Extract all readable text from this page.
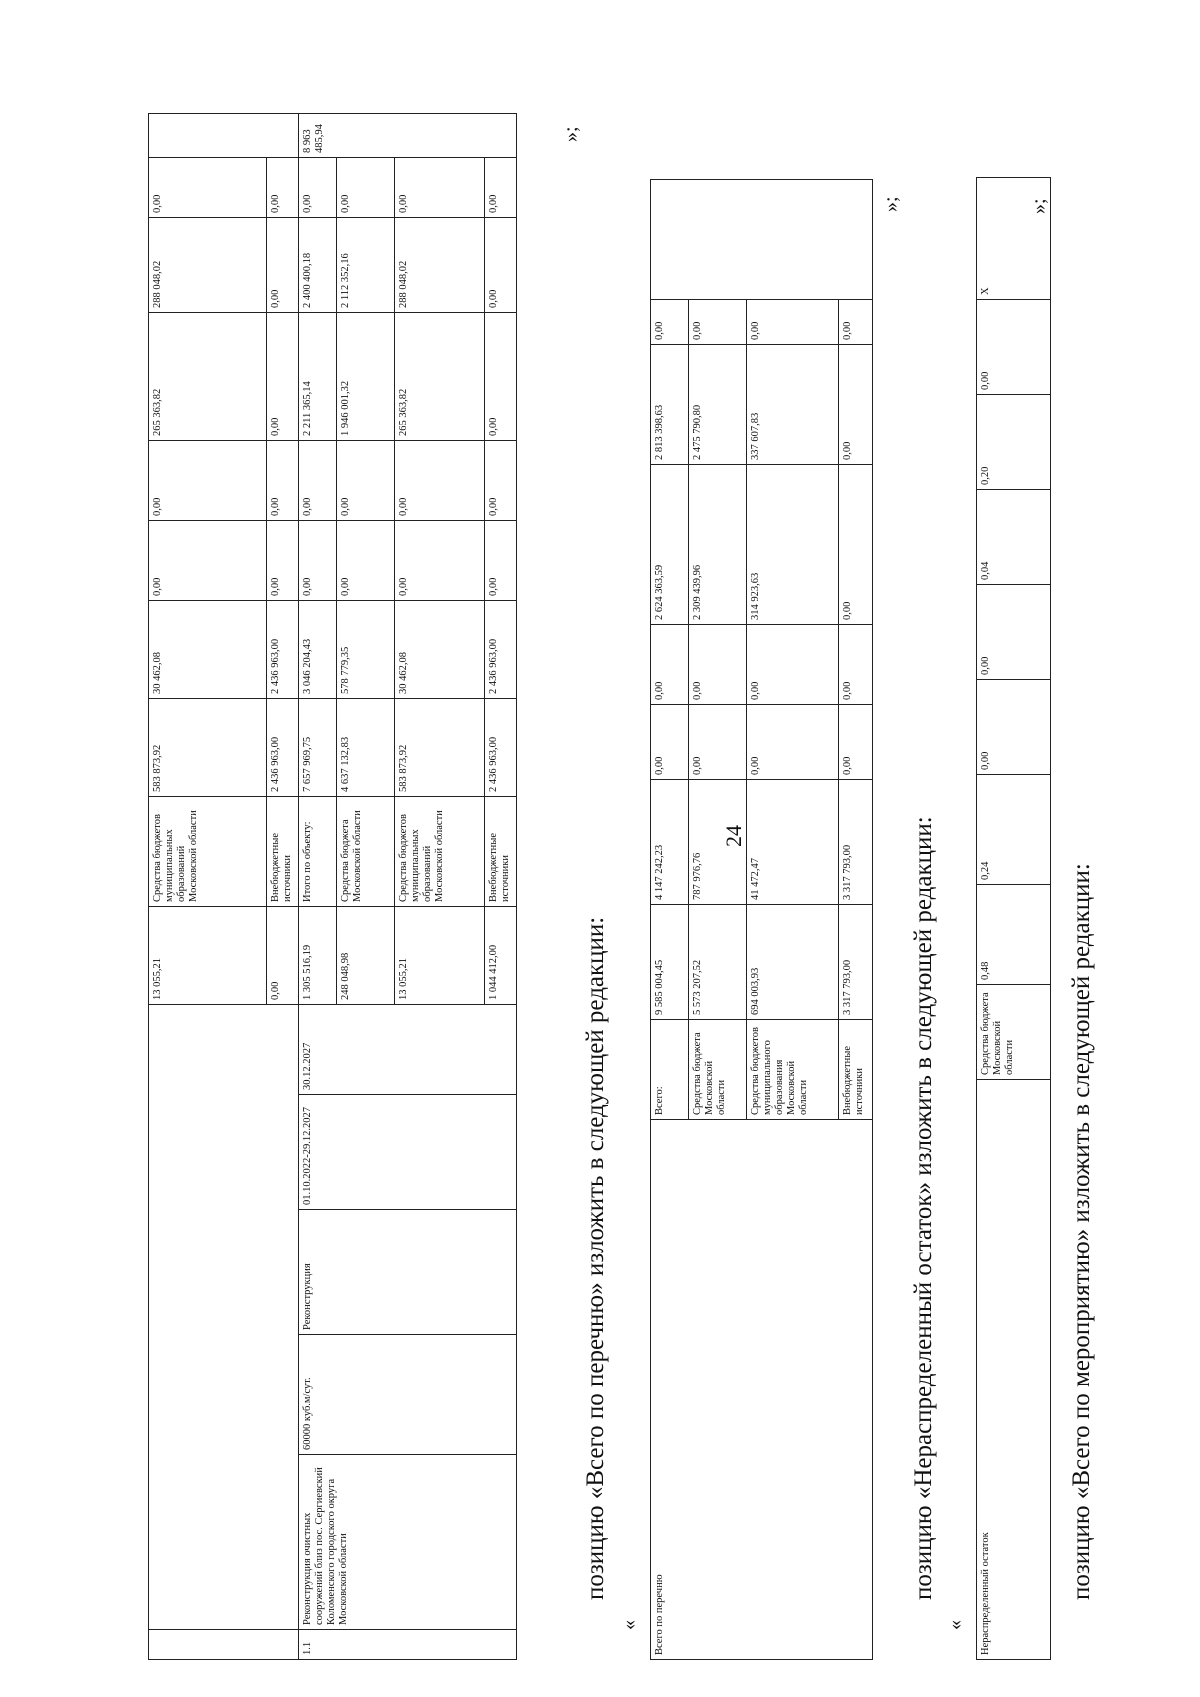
24
						13 055,21	Средства бюджетов муниципальных образований Московской области	583 873,92	30 462,08	0,00	0,00	265 363,82	288 048,02	0,00	
						0,00	Внебюджетные источники	2 436 963,00	2 436 963,00	0,00	0,00	0,00	0,00	0,00	
1.1	Реконструкция очистных сооружений близ пос. Сергиевский Коломенского городского округа Московской области	60000 куб.м/сут.	Реконструкция	01.10.2022-29.12.2027	30.12.2027	1 305 516,19	Итого по объекту:	7 657 969,75	3 046 204,43	0,00	0,00	2 211 365,14	2 400 400,18	0,00	8 963 485,94
						248 048,98	Средства бюджета Московской области	4 637 132,83	578 779,35	0,00	0,00	1 946 001,32	2 112 352,16	0,00	
						13 055,21	Средства бюджетов муниципальных образований Московской области	583 873,92	30 462,08	0,00	0,00	265 363,82	288 048,02	0,00	
						1 044 412,00	Внебюджетные источники	2 436 963,00	2 436 963,00	0,00	0,00	0,00	0,00	0,00	
»;
позицию «Всего по перечню» изложить в следующей редакции:
« Всего по перечню	Всего:	9 585 004,45	4 147 242,23	0,00	0,00	2 624 363,59	2 813 398,63	0,00	
	Средства бюджета Московской области	5 573 207,52	787 976,76	0,00	0,00	2 309 439,96	2 475 790,80	0,00	
	Средства бюджетов муниципального образования Московской области	694 003,93	41 472,47	0,00	0,00	314 923,63	337 607,83	0,00	
	Внебюджетные источники	3 317 793,00	3 317 793,00	0,00	0,00	0,00	0,00	0,00	
»;
позицию «Нераспределенный остаток» изложить в следующей редакции:
« Нераспределенный остаток	Средства бюджета Московской области	0,48	0,24	0,00	0,00	0,04	0,20	0,00	X
»;
позицию «Всего по мероприятию» изложить в следующей редакции:
